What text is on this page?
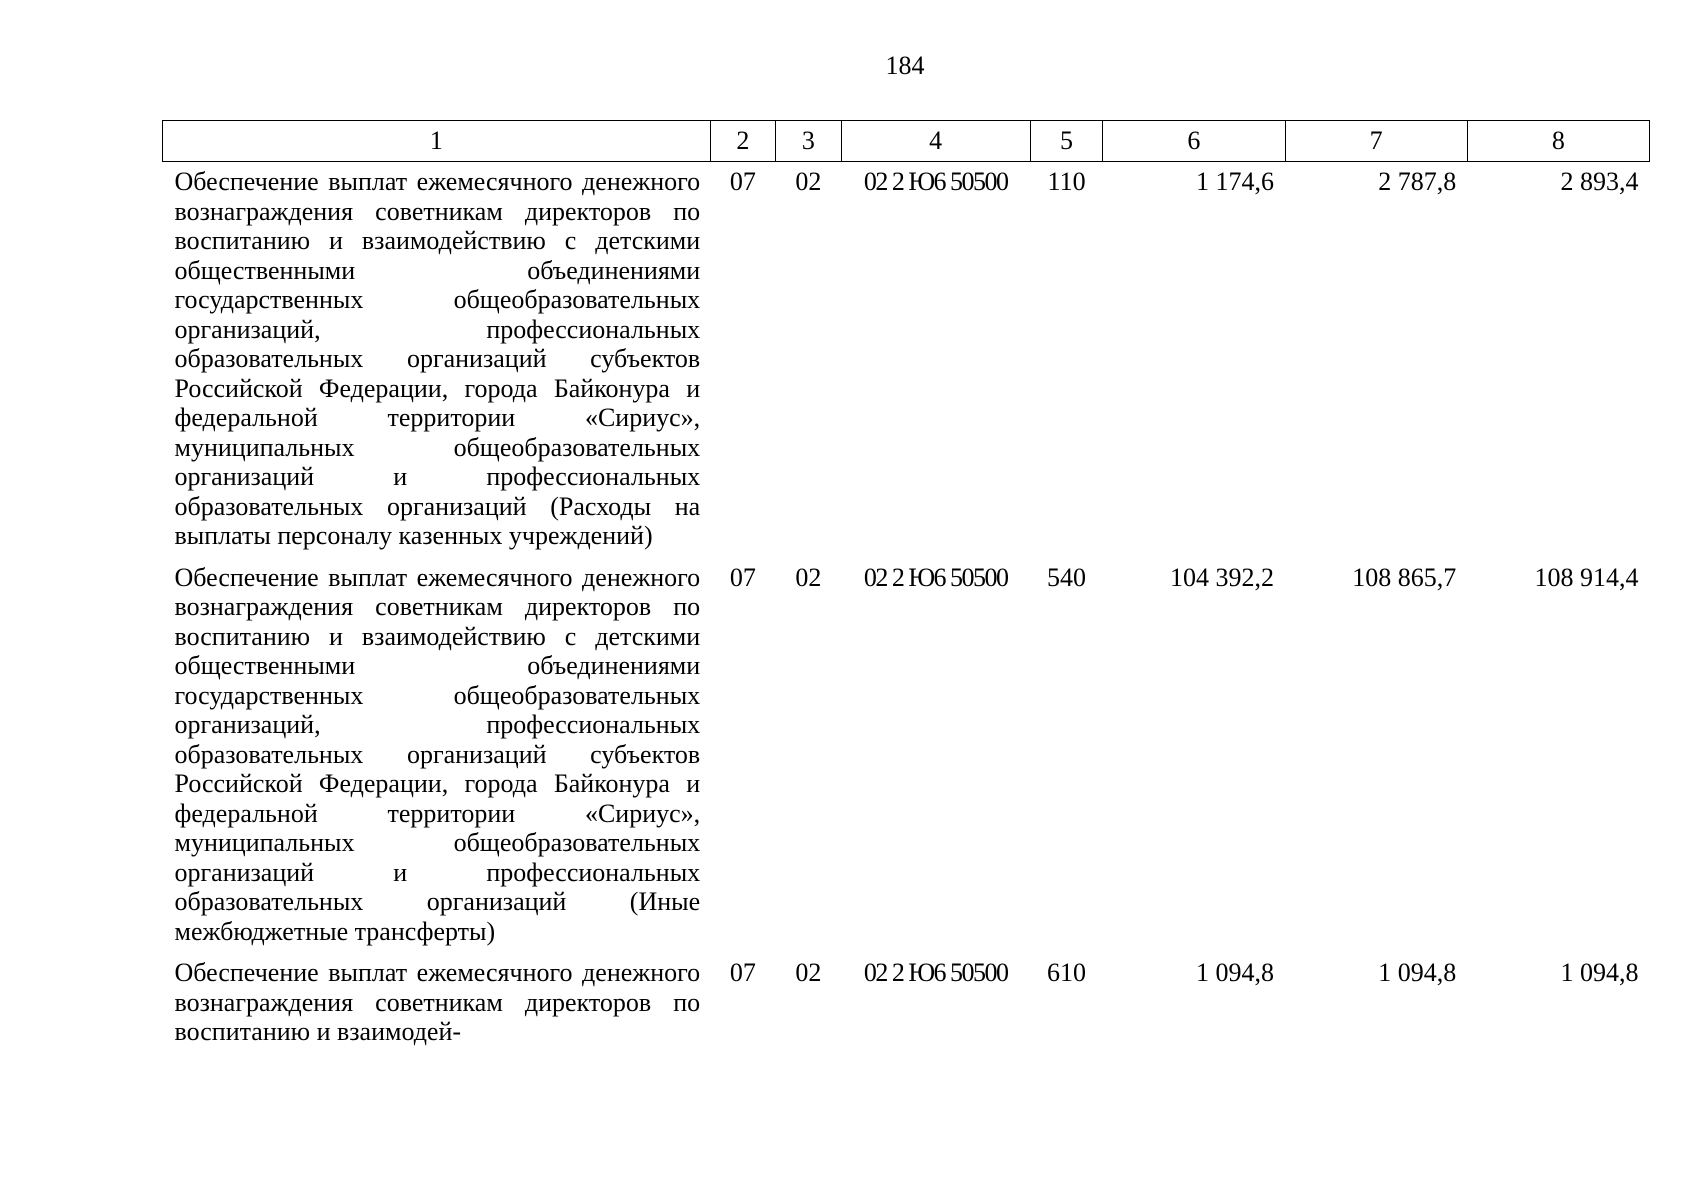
184
1	2	3	4	5	6	7	8

Обеспечение выплат ежемесячного денежного вознаграждения советникам директоров по воспитанию и взаимодействию с детскими общественными объединениями государственных общеобразовательных организаций, профессиональных образовательных организаций субъектов Российской Федерации, города Байконура и федеральной территории «Сириус», муниципальных общеобразовательных организаций и профессиональных образовательных организаций (Расходы на выплаты персоналу казенных учреждений)	07	02	02 2 Ю6 50500	110	1 174,6	2 787,8	2 893,4

Обеспечение выплат ежемесячного денежного вознаграждения советникам директоров по воспитанию и взаимодействию с детскими общественными объединениями государственных общеобразовательных организаций, профессиональных образовательных организаций субъектов Российской Федерации, города Байконура и федеральной территории «Сириус», муниципальных общеобразовательных организаций и профессиональных образовательных организаций (Иные межбюджетные трансферты)	07	02	02 2 Ю6 50500	540	104 392,2	108 865,7	108 914,4

Обеспечение выплат ежемесячного денежного вознаграждения советникам директоров по воспитанию и взаимодей-	07	02	02 2 Ю6 50500	610	1 094,8	1 094,8	1 094,8
